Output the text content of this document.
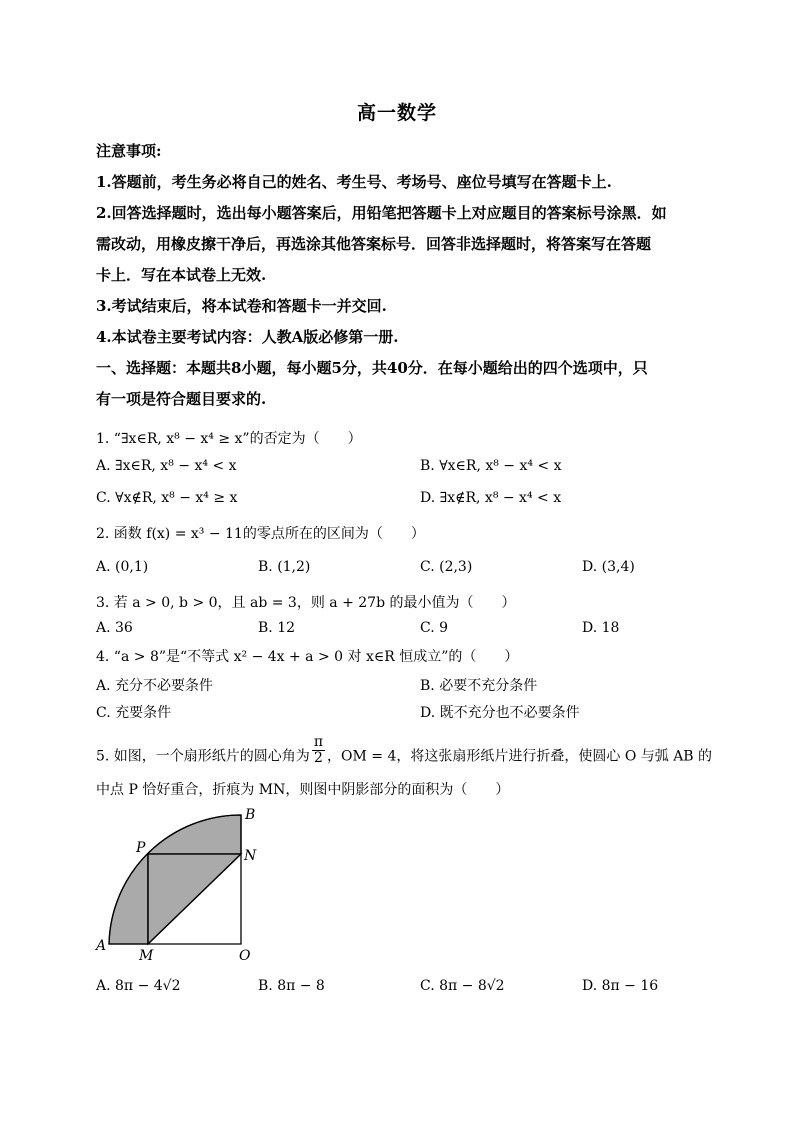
高一数学
注意事项:
1.答题前，考生务必将自己的姓名、考生号、考场号、座位号填写在答题卡上.
2.回答选择题时，选出每小题答案后，用铅笔把答题卡上对应题目的答案标号涂黑．如
需改动，用橡皮擦干净后，再选涂其他答案标号．回答非选择题时，将答案写在答题
卡上．写在本试卷上无效.
3.考试结束后，将本试卷和答题卡一并交回.
4.本试卷主要考试内容：人教A版必修第一册.
一、选择题：本题共8小题，每小题5分，共40分．在每小题给出的四个选项中，只
有一项是符合题目要求的.
1. “∃x∈R, x⁸ − x⁴ ≥ x”的否定为（　　）
A. ∃x∈R, x⁸ − x⁴ < x	B. ∀x∈R, x⁸ − x⁴ < x
C. ∀x∉R, x⁸ − x⁴ ≥ x	D. ∃x∉R, x⁸ − x⁴ < x
2. 函数 f(x) = x³ − 11的零点所在的区间为（　　）
A. (0,1)	B. (1,2)	C. (2,3)	D. (3,4)
3. 若 a > 0, b > 0，且 ab = 3，则 a + 27b 的最小值为（　　）
A. 36	B. 12	C. 9	D. 18
4. “a > 8”是“不等式 x² − 4x + a > 0 对 x∈R 恒成立”的（　　）
A. 充分不必要条件	B. 必要不充分条件
C. 充要条件	D. 既不充分也不必要条件
5. 如图，一个扇形纸片的圆心角为 $\frac{\pi}{2}$ ，OM = 4，将这张扇形纸片进行折叠，使圆心 O 与弧 AB 的
中点 P 恰好重合，折痕为 MN，则图中阴影部分的面积为（　　）
B
P	N
A
M	O
A. 8π − 4√2	B. 8π − 8	C. 8π − 8√2	D. 8π − 16
